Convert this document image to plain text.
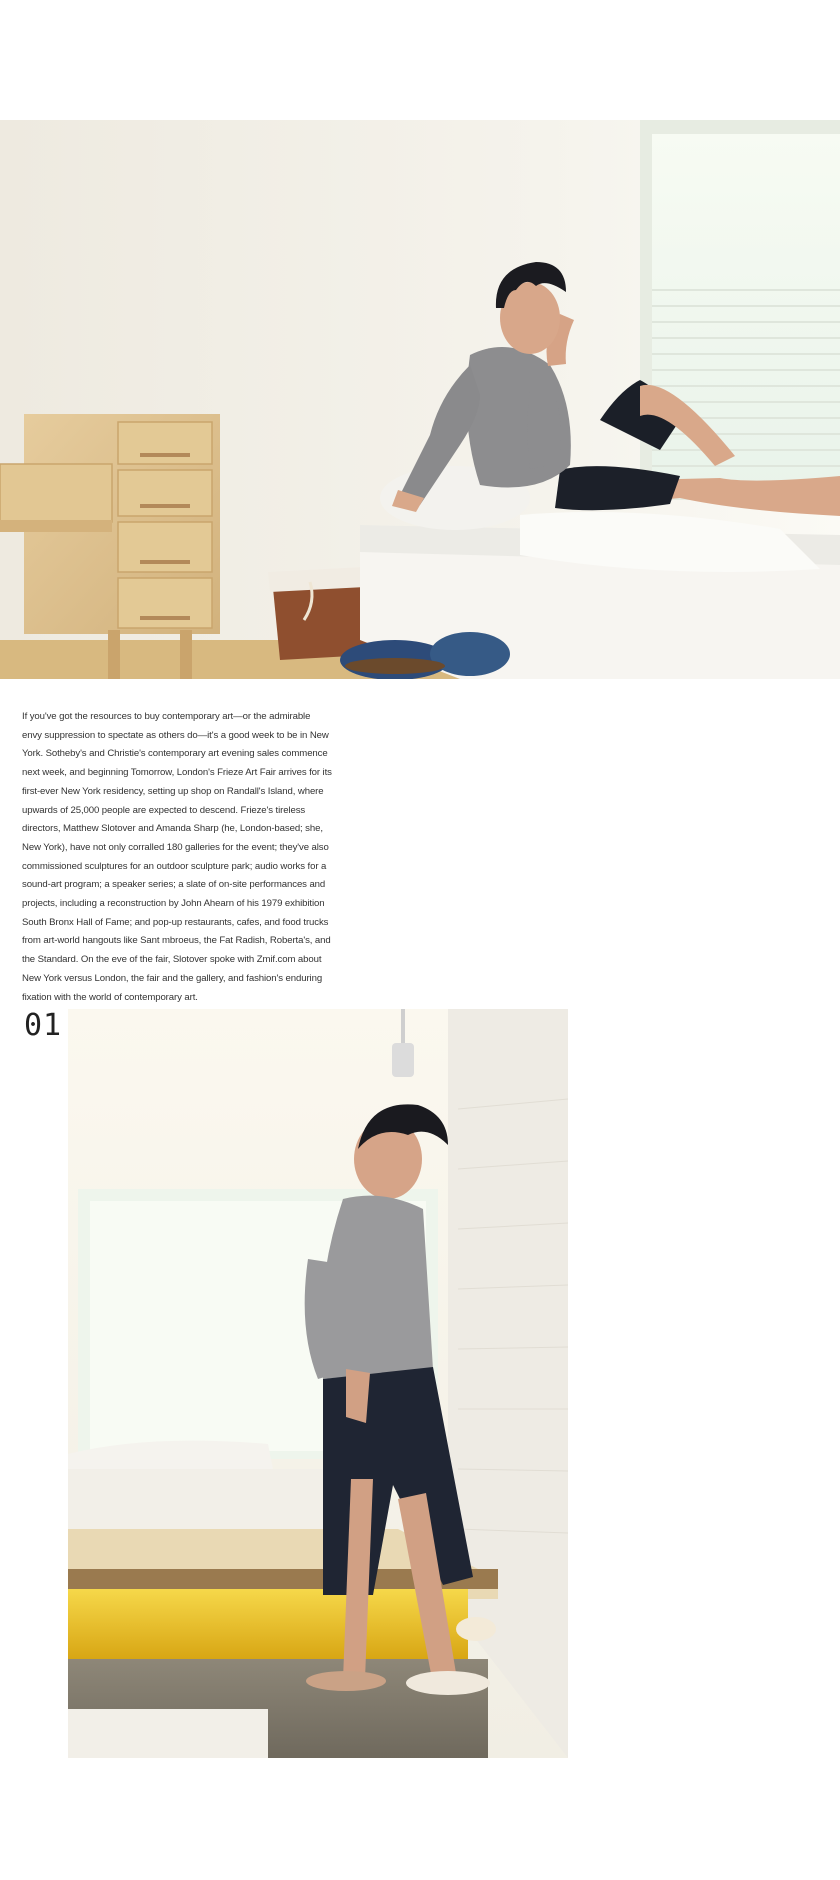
If you've got the resources to buy contemporary art—or the admirable envy suppression to spectate as others do—it's a good week to be in New York. Sotheby's and Christie's contemporary art evening sales commence next week, and beginning Tomorrow, London's Frieze Art Fair arrives for its first-ever New York residency, setting up shop on Randall's Island, where upwards of 25,000 people are expected to descend. Frieze's tireless directors, Matthew Slotover and Amanda Sharp (he, London-based; she, New York), have not only corralled 180 galleries for the event; they've also commissioned sculptures for an outdoor sculpture park; audio works for a sound-art program; a speaker series; a slate of on-site performances and projects, including a reconstruction by John Ahearn of his 1979 exhibition South Bronx Hall of Fame; and pop-up restaurants, cafes, and food trucks from art-world hangouts like Sant mbroeus, the Fat Radish, Roberta's, and the Standard. On the eve of the fair, Slotover spoke with Zmif.com about New York versus London, the fair and the gallery, and fashion's enduring fixation with the world of contemporary art.

01
